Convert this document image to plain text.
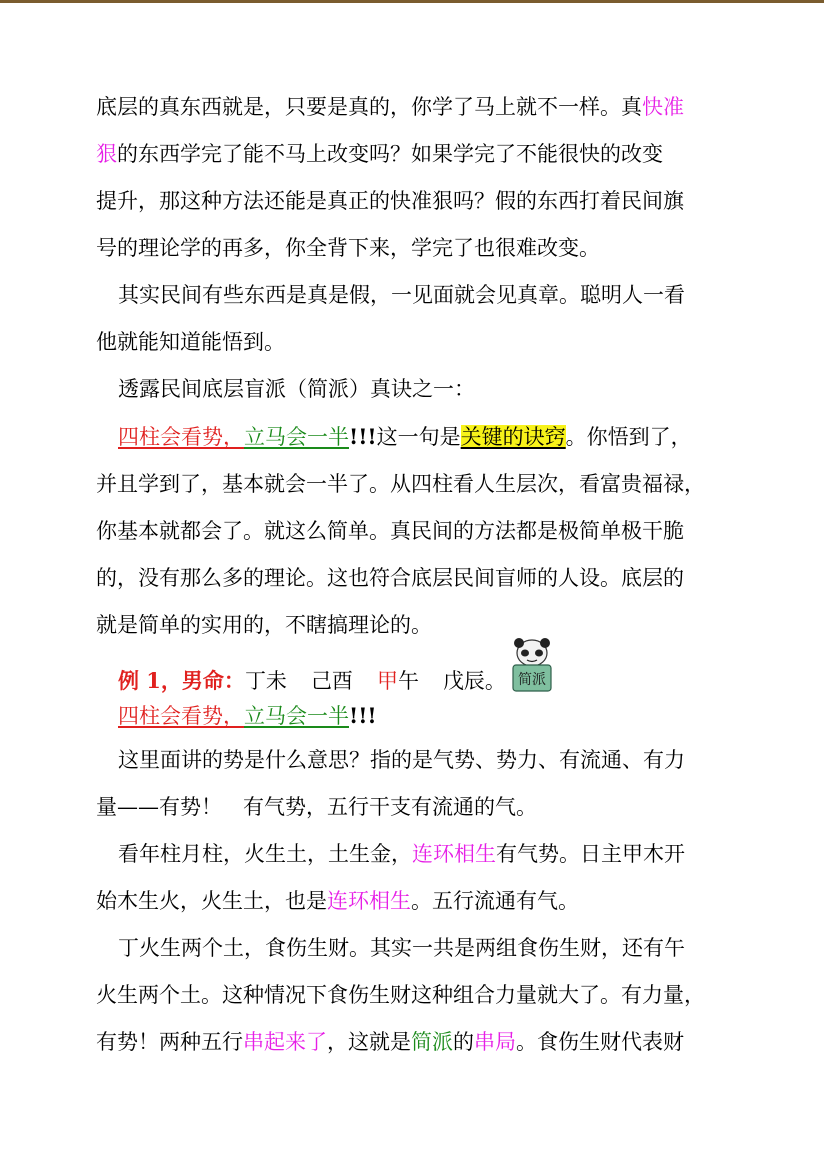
底层的真东西就是，只要是真的，你学了马上就不一样。真快准

狠的东西学完了能不马上改变吗？如果学完了不能很快的改变

提升，那这种方法还能是真正的快准狠吗？假的东西打着民间旗

号的理论学的再多，你全背下来，学完了也很难改变。

其实民间有些东西是真是假，一见面就会见真章。聪明人一看

他就能知道能悟到。

透露民间底层盲派（简派）真诀之一：

四柱会看势，立马会一半!!!这一句是关键的诀窍。你悟到了，

并且学到了，基本就会一半了。从四柱看人生层次，看富贵福禄，

你基本就都会了。就这么简单。真民间的方法都是极简单极干脆

的，没有那么多的理论。这也符合底层民间盲师的人设。底层的

就是简单的实用的，不瞎搞理论的。

例 1，男命：丁未 己酉 甲午 戊辰。 简派

四柱会看势，立马会一半!!!

这里面讲的势是什么意思？指的是气势、势力、有流通、有力

量——有势！　有气势，五行干支有流通的气。

看年柱月柱，火生土，土生金，连环相生有气势。日主甲木开

始木生火，火生土，也是连环相生。五行流通有气。

丁火生两个土，食伤生财。其实一共是两组食伤生财，还有午

火生两个土。这种情况下食伤生财这种组合力量就大了。有力量，

有势！两种五行串起来了，这就是简派的串局。食伤生财代表财
